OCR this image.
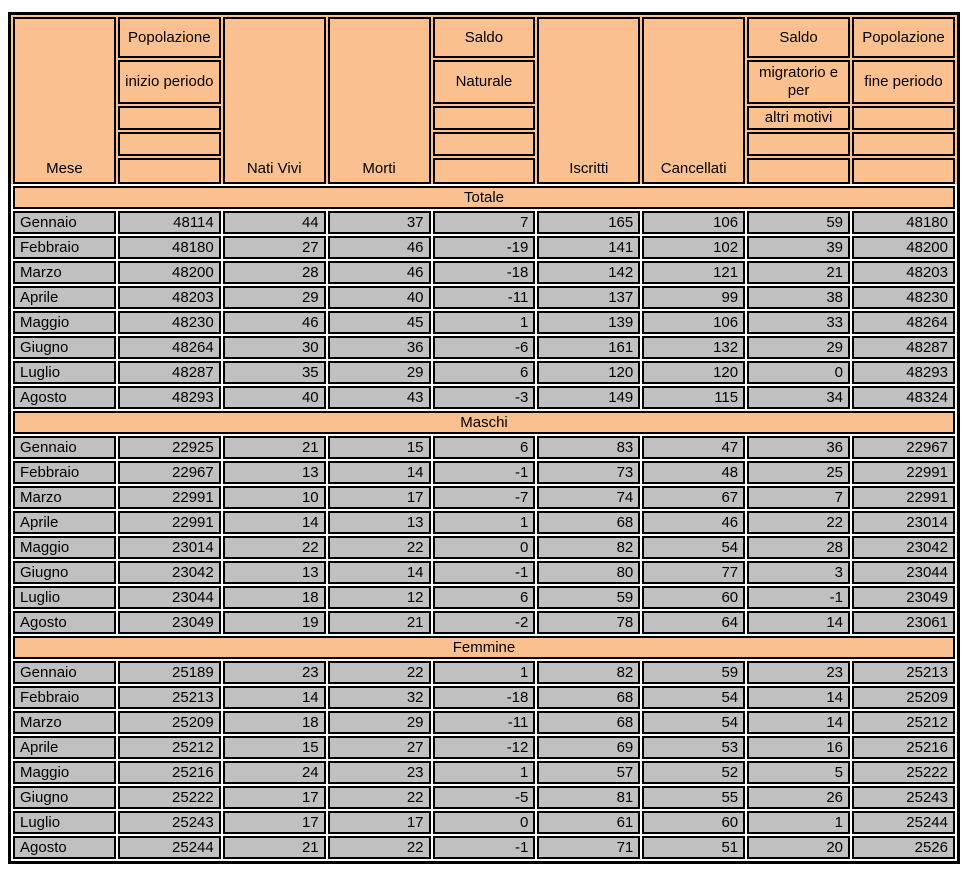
Mese	Popolazione	Nati Vivi	Morti	Saldo	Iscritti	Cancellati	Saldo	Popolazione
	inizio periodo			Naturale			migratorio e per	fine periodo
							altri motivi	

Totale								
Gennaio	48114	44	37	7	165	106	59	48180
Febbraio	48180	27	46	-19	141	102	39	48200
Marzo	48200	28	46	-18	142	121	21	48203
Aprile	48203	29	40	-11	137	99	38	48230
Maggio	48230	46	45	1	139	106	33	48264
Giugno	48264	30	36	-6	161	132	29	48287
Luglio	48287	35	29	6	120	120	0	48293
Agosto	48293	40	43	-3	149	115	34	48324
Maschi								
Gennaio	22925	21	15	6	83	47	36	22967
Febbraio	22967	13	14	-1	73	48	25	22991
Marzo	22991	10	17	-7	74	67	7	22991
Aprile	22991	14	13	1	68	46	22	23014
Maggio	23014	22	22	0	82	54	28	23042
Giugno	23042	13	14	-1	80	77	3	23044
Luglio	23044	18	12	6	59	60	-1	23049
Agosto	23049	19	21	-2	78	64	14	23061
Femmine								
Gennaio	25189	23	22	1	82	59	23	25213
Febbraio	25213	14	32	-18	68	54	14	25209
Marzo	25209	18	29	-11	68	54	14	25212
Aprile	25212	15	27	-12	69	53	16	25216
Maggio	25216	24	23	1	57	52	5	25222
Giugno	25222	17	22	-5	81	55	26	25243
Luglio	25243	17	17	0	61	60	1	25244
Agosto	25244	21	22	-1	71	51	20	2526
